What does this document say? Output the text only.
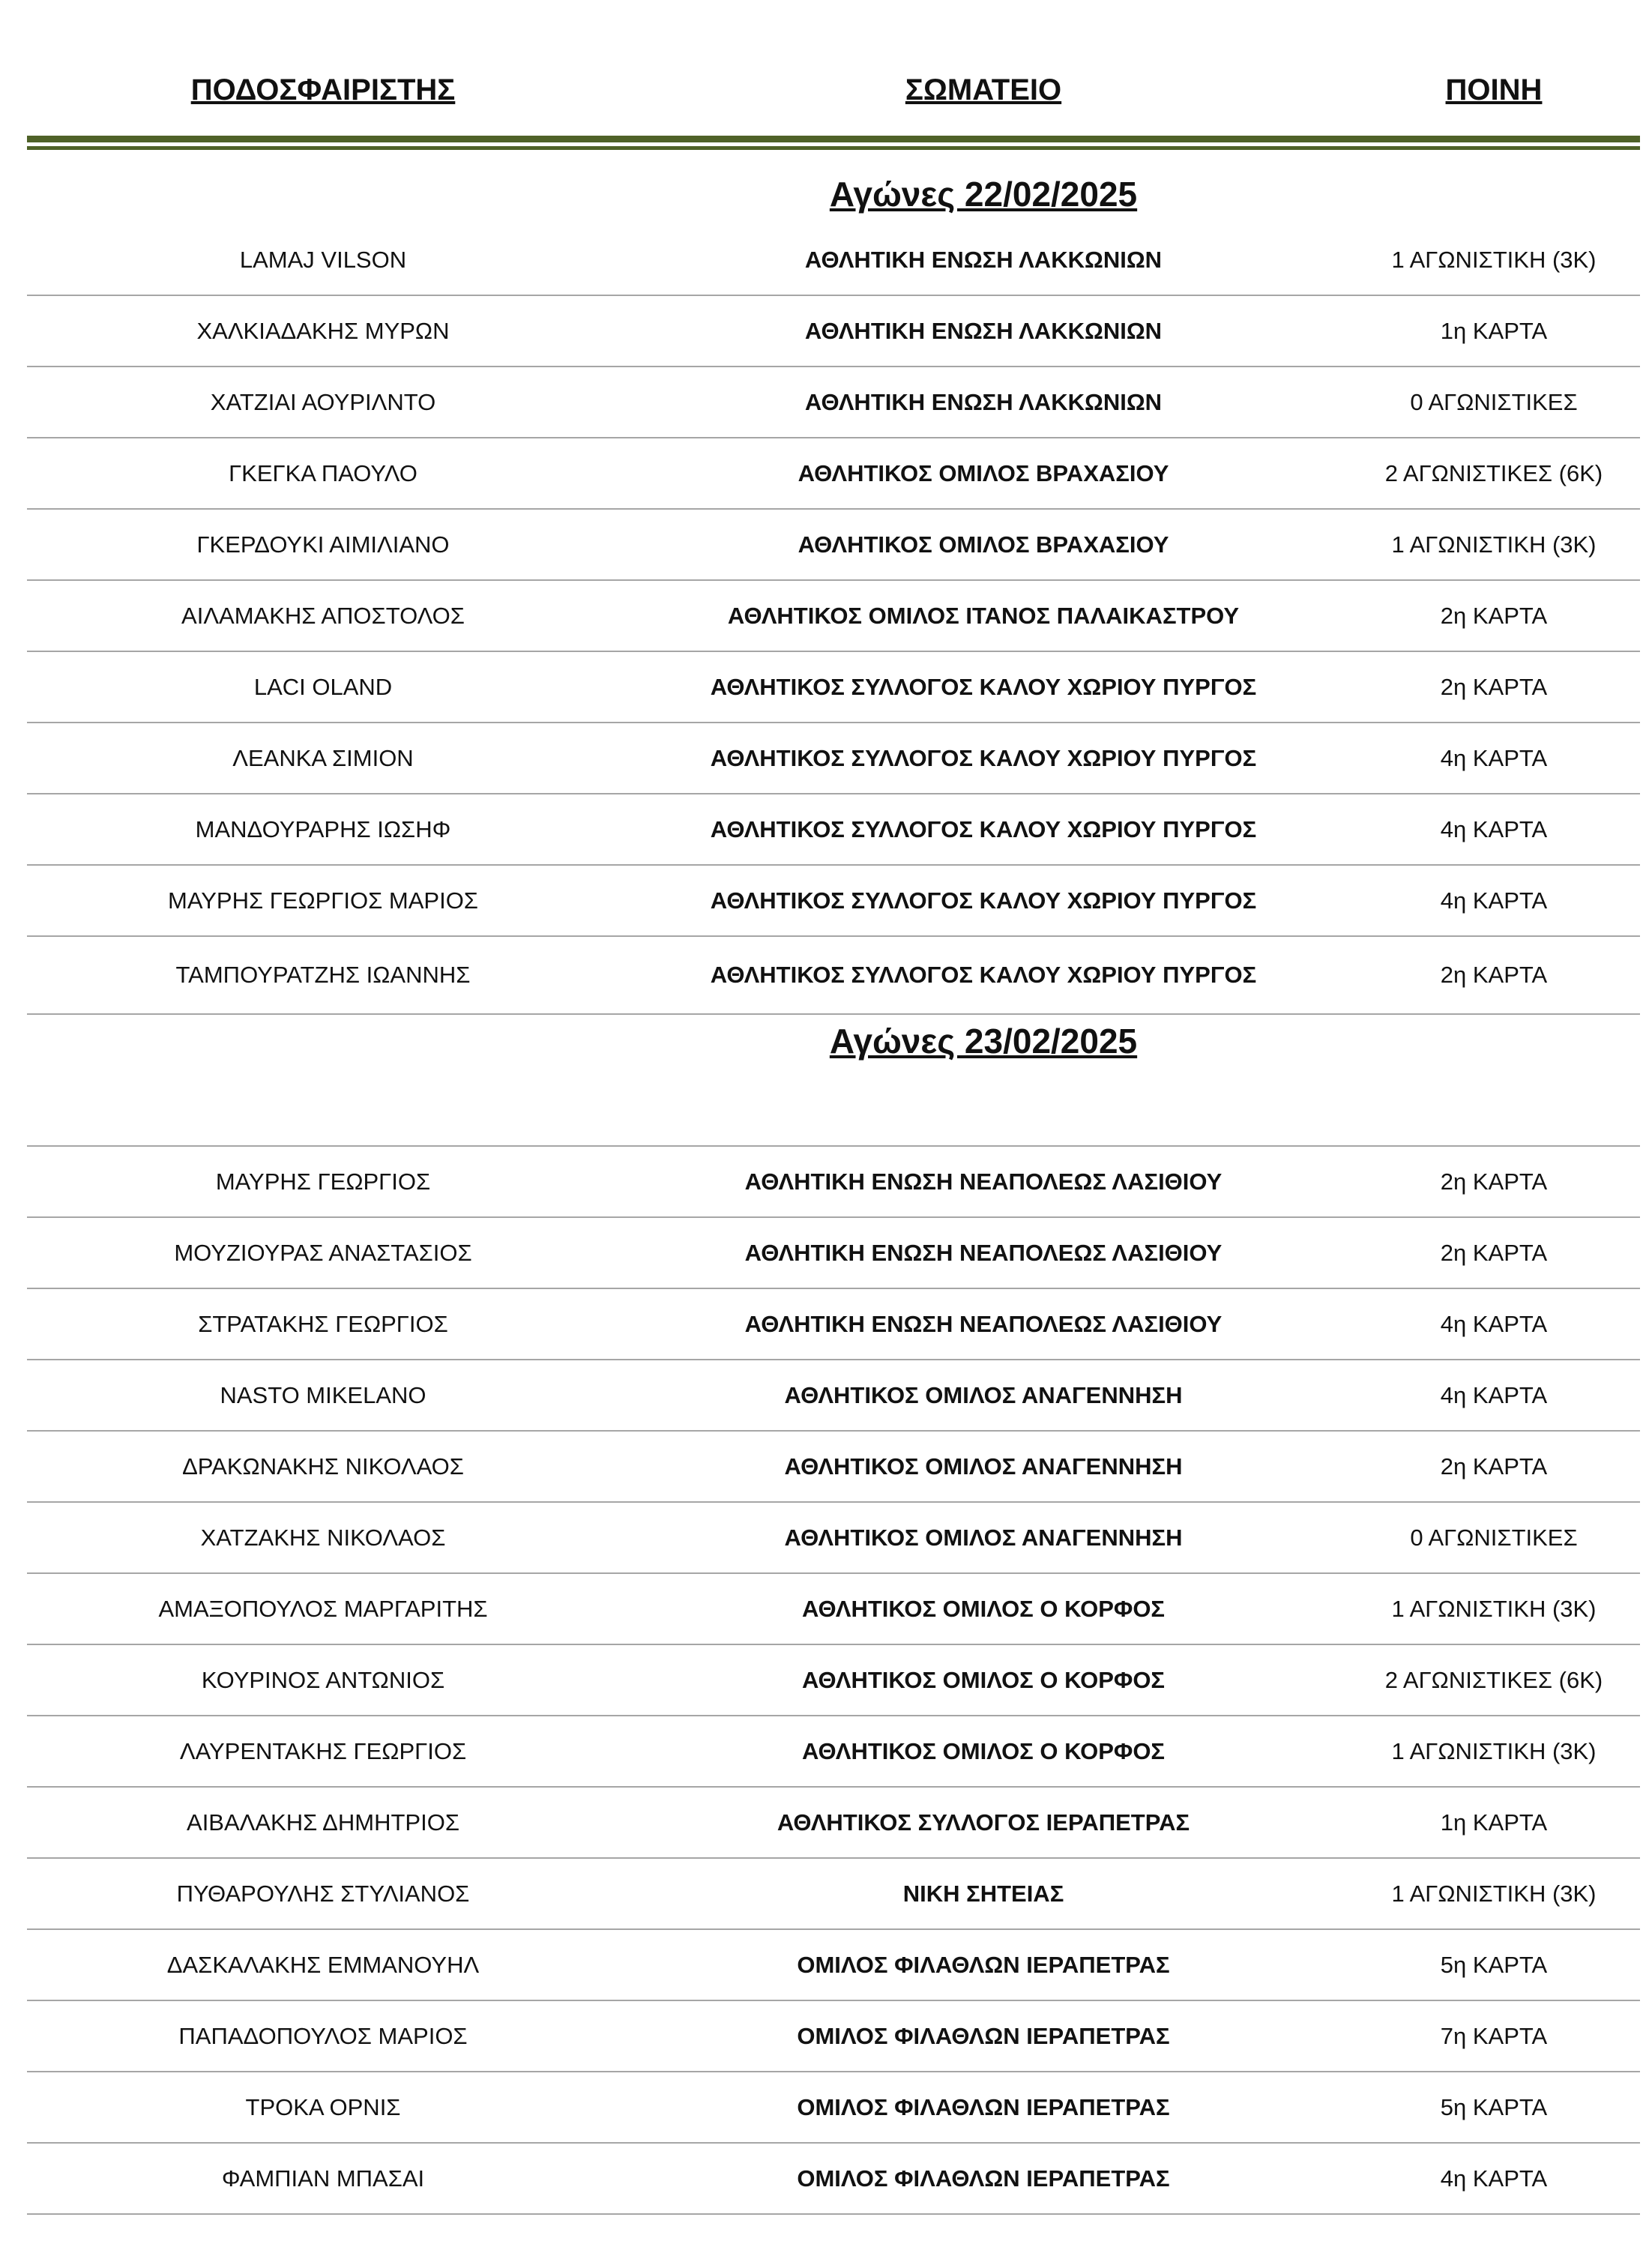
ΠΟΔΟΣΦΑΙΡΙΣΤΗΣ	ΣΩΜΑΤΕΙΟ	ΠΟΙΝΗ
Αγώνες 22/02/2025
LAMAJ VILSON	ΑΘΛΗΤΙΚΗ ΕΝΩΣΗ ΛΑΚΚΩΝΙΩΝ	1 ΑΓΩΝΙΣΤΙΚΗ (3Κ)
ΧΑΛΚΙΑΔΑΚΗΣ ΜΥΡΩΝ	ΑΘΛΗΤΙΚΗ ΕΝΩΣΗ ΛΑΚΚΩΝΙΩΝ	1η ΚΑΡΤΑ
ΧΑΤΖΙΑΙ ΑΟΥΡΙΛΝΤΟ	ΑΘΛΗΤΙΚΗ ΕΝΩΣΗ ΛΑΚΚΩΝΙΩΝ	0 ΑΓΩΝΙΣΤΙΚΕΣ
ΓΚΕΓΚΑ ΠΑΟΥΛΟ	ΑΘΛΗΤΙΚΟΣ ΟΜΙΛΟΣ ΒΡΑΧΑΣΙΟΥ	2 ΑΓΩΝΙΣΤΙΚΕΣ (6Κ)
ΓΚΕΡΔΟΥΚΙ ΑΙΜΙΛΙΑΝΟ	ΑΘΛΗΤΙΚΟΣ ΟΜΙΛΟΣ ΒΡΑΧΑΣΙΟΥ	1 ΑΓΩΝΙΣΤΙΚΗ (3Κ)
ΑΙΛΑΜΑΚΗΣ ΑΠΟΣΤΟΛΟΣ	ΑΘΛΗΤΙΚΟΣ ΟΜΙΛΟΣ ΙΤΑΝΟΣ ΠΑΛΑΙΚΑΣΤΡΟΥ	2η ΚΑΡΤΑ
LACI OLAND	ΑΘΛΗΤΙΚΟΣ ΣΥΛΛΟΓΟΣ ΚΑΛΟΥ ΧΩΡΙΟΥ ΠΥΡΓΟΣ	2η ΚΑΡΤΑ
ΛΕΑΝΚΑ ΣΙΜΙΟΝ	ΑΘΛΗΤΙΚΟΣ ΣΥΛΛΟΓΟΣ ΚΑΛΟΥ ΧΩΡΙΟΥ ΠΥΡΓΟΣ	4η ΚΑΡΤΑ
ΜΑΝΔΟΥΡΑΡΗΣ ΙΩΣΗΦ	ΑΘΛΗΤΙΚΟΣ ΣΥΛΛΟΓΟΣ ΚΑΛΟΥ ΧΩΡΙΟΥ ΠΥΡΓΟΣ	4η ΚΑΡΤΑ
ΜΑΥΡΗΣ ΓΕΩΡΓΙΟΣ ΜΑΡΙΟΣ	ΑΘΛΗΤΙΚΟΣ ΣΥΛΛΟΓΟΣ ΚΑΛΟΥ ΧΩΡΙΟΥ ΠΥΡΓΟΣ	4η ΚΑΡΤΑ
ΤΑΜΠΟΥΡΑΤΖΗΣ ΙΩΑΝΝΗΣ	ΑΘΛΗΤΙΚΟΣ ΣΥΛΛΟΓΟΣ ΚΑΛΟΥ ΧΩΡΙΟΥ ΠΥΡΓΟΣ	2η ΚΑΡΤΑ
Αγώνες 23/02/2025
ΜΑΥΡΗΣ ΓΕΩΡΓΙΟΣ	ΑΘΛΗΤΙΚΗ ΕΝΩΣΗ ΝΕΑΠΟΛΕΩΣ ΛΑΣΙΘΙΟΥ	2η ΚΑΡΤΑ
ΜΟΥΖΙΟΥΡΑΣ ΑΝΑΣΤΑΣΙΟΣ	ΑΘΛΗΤΙΚΗ ΕΝΩΣΗ ΝΕΑΠΟΛΕΩΣ ΛΑΣΙΘΙΟΥ	2η ΚΑΡΤΑ
ΣΤΡΑΤΑΚΗΣ ΓΕΩΡΓΙΟΣ	ΑΘΛΗΤΙΚΗ ΕΝΩΣΗ ΝΕΑΠΟΛΕΩΣ ΛΑΣΙΘΙΟΥ	4η ΚΑΡΤΑ
NASTO MIKELANO	ΑΘΛΗΤΙΚΟΣ ΟΜΙΛΟΣ ΑΝΑΓΕΝΝΗΣΗ	4η ΚΑΡΤΑ
ΔΡΑΚΩΝΑΚΗΣ ΝΙΚΟΛΑΟΣ	ΑΘΛΗΤΙΚΟΣ ΟΜΙΛΟΣ ΑΝΑΓΕΝΝΗΣΗ	2η ΚΑΡΤΑ
ΧΑΤΖΑΚΗΣ ΝΙΚΟΛΑΟΣ	ΑΘΛΗΤΙΚΟΣ ΟΜΙΛΟΣ ΑΝΑΓΕΝΝΗΣΗ	0 ΑΓΩΝΙΣΤΙΚΕΣ
ΑΜΑΞΟΠΟΥΛΟΣ ΜΑΡΓΑΡΙΤΗΣ	ΑΘΛΗΤΙΚΟΣ ΟΜΙΛΟΣ Ο ΚΟΡΦΟΣ	1 ΑΓΩΝΙΣΤΙΚΗ (3Κ)
ΚΟΥΡΙΝΟΣ ΑΝΤΩΝΙΟΣ	ΑΘΛΗΤΙΚΟΣ ΟΜΙΛΟΣ Ο ΚΟΡΦΟΣ	2 ΑΓΩΝΙΣΤΙΚΕΣ (6Κ)
ΛΑΥΡΕΝΤΑΚΗΣ ΓΕΩΡΓΙΟΣ	ΑΘΛΗΤΙΚΟΣ ΟΜΙΛΟΣ Ο ΚΟΡΦΟΣ	1 ΑΓΩΝΙΣΤΙΚΗ (3Κ)
ΑΙΒΑΛΑΚΗΣ ΔΗΜΗΤΡΙΟΣ	ΑΘΛΗΤΙΚΟΣ ΣΥΛΛΟΓΟΣ ΙΕΡΑΠΕΤΡΑΣ	1η ΚΑΡΤΑ
ΠΥΘΑΡΟΥΛΗΣ ΣΤΥΛΙΑΝΟΣ	ΝΙΚΗ ΣΗΤΕΙΑΣ	1 ΑΓΩΝΙΣΤΙΚΗ (3Κ)
ΔΑΣΚΑΛΑΚΗΣ ΕΜΜΑΝΟΥΗΛ	ΟΜΙΛΟΣ ΦΙΛΑΘΛΩΝ ΙΕΡΑΠΕΤΡΑΣ	5η ΚΑΡΤΑ
ΠΑΠΑΔΟΠΟΥΛΟΣ ΜΑΡΙΟΣ	ΟΜΙΛΟΣ ΦΙΛΑΘΛΩΝ ΙΕΡΑΠΕΤΡΑΣ	7η ΚΑΡΤΑ
ΤΡΟΚΑ ΟΡΝΙΣ	ΟΜΙΛΟΣ ΦΙΛΑΘΛΩΝ ΙΕΡΑΠΕΤΡΑΣ	5η ΚΑΡΤΑ
ΦΑΜΠΙΑΝ ΜΠΑΣΑΙ	ΟΜΙΛΟΣ ΦΙΛΑΘΛΩΝ ΙΕΡΑΠΕΤΡΑΣ	4η ΚΑΡΤΑ
